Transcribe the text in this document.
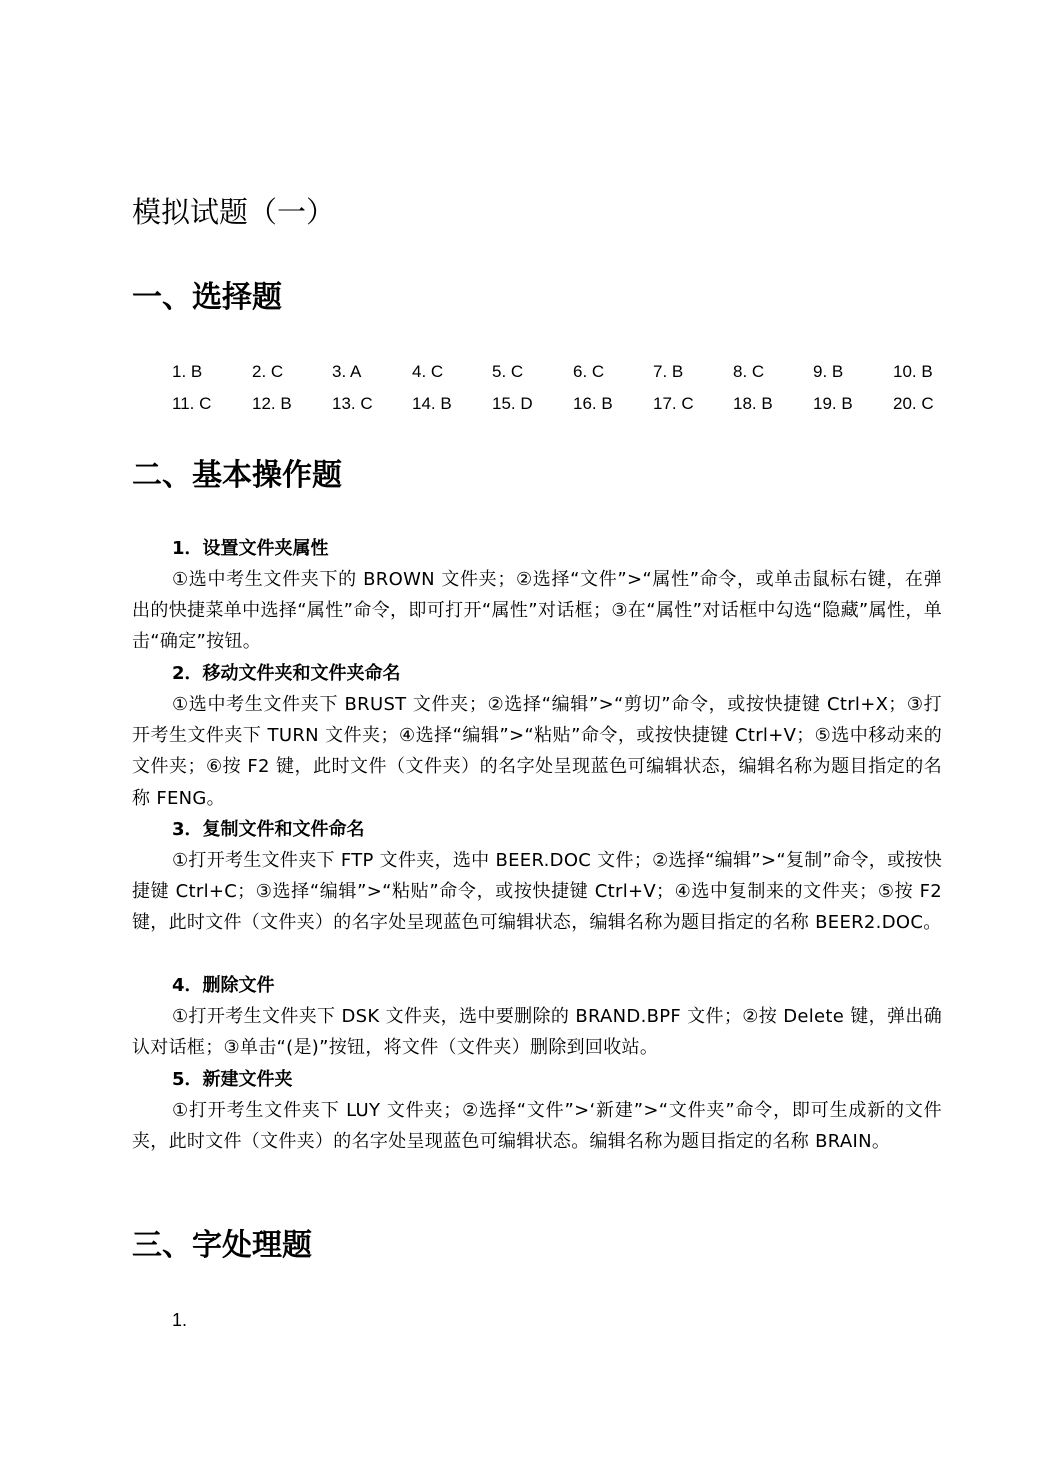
模拟试题（一）
一、选择题
1. B	2. C	3. A	4. C	5. C	6. C	7. B	8. C	9. B	10. B
11. C 12. B 13. C 14. B 15. D 16. B 17. C 18. B 19. B 20. C
二、基本操作题
1．设置文件夹属性

①选中考生文件夹下的 BROWN 文件夹；②选择“文件”>“属性”命令，或单击鼠标右键，在弹出的快捷菜单中选择“属性”命令，即可打开“属性”对话框；③在“属性”对话框中勾选“隐藏”属性，单击“确定”按钮。

2．移动文件夹和文件夹命名

①选中考生文件夹下 BRUST 文件夹；②选择“编辑”>“剪切”命令，或按快捷键 Ctrl+X；③打开考生文件夹下 TURN 文件夹；④选择“编辑”>“粘贴”命令，或按快捷键 Ctrl+V；⑤选中移动来的文件夹；⑥按 F2 键，此时文件（文件夹）的名字处呈现蓝色可编辑状态，编辑名称为题目指定的名称 FENG。

3．复制文件和文件命名

①打开考生文件夹下 FTP 文件夹，选中 BEER.DOC 文件；②选择“编辑”>“复制”命令，或按快捷键 Ctrl+C；③选择“编辑”>“粘贴”命令，或按快捷键 Ctrl+V；④选中复制来的文件夹；⑤按 F2 键，此时文件（文件夹）的名字处呈现蓝色可编辑状态，编辑名称为题目指定的名称 BEER2.DOC。

4．删除文件

①打开考生文件夹下 DSK 文件夹，选中要删除的 BRAND.BPF 文件；②按 Delete 键，弹出确认对话框；③单击“(是)”按钮，将文件（文件夹）删除到回收站。

5．新建文件夹

①打开考生文件夹下 LUY 文件夹；②选择“文件”>‘新建”>“文件夹”命令，即可生成新的文件夹，此时文件（文件夹）的名字处呈现蓝色可编辑状态。编辑名称为题目指定的名称 BRAIN。

三、字处理题
1.
